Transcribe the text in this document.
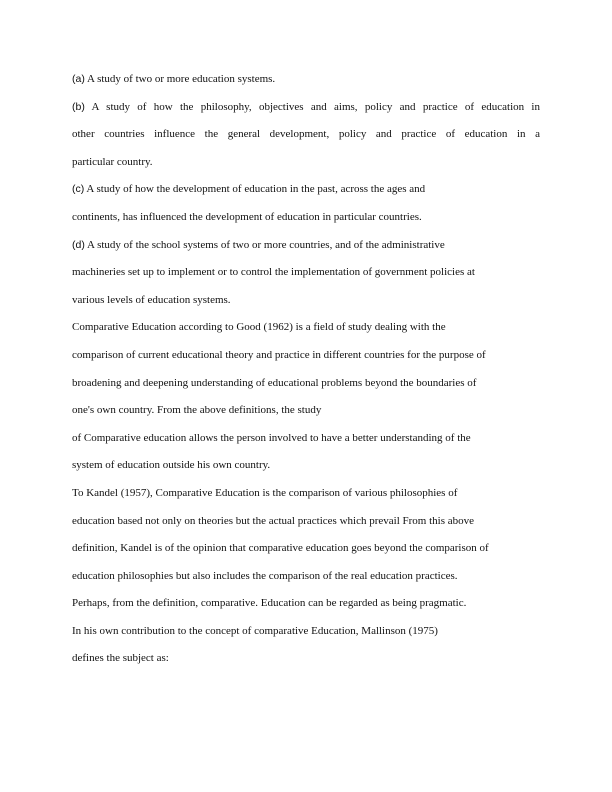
(a) A study of two or more education systems.
(b) A study of how the philosophy, objectives and aims, policy and practice of education in
other countries influence the general development, policy and practice of education in a
particular country.
(c) A study of how the development of education in the past, across the ages and
continents, has influenced the development of education in particular countries.
(d) A study of the school systems of two or more countries, and of the administrative
machineries set up to implement or to control the implementation of government policies at
various levels of education systems.
Comparative Education according to Good (1962) is a field of study dealing with the
comparison of current educational theory and practice in different countries for the purpose of
broadening and deepening understanding of educational problems beyond the boundaries of
one's own country. From the above definitions, the study
of Comparative education allows the person involved to have a better understanding of the
system of education outside his own country.
To Kandel (1957), Comparative Education is the comparison of various philosophies of
education based not only on theories but the actual practices which prevail From this above
definition, Kandel is of the opinion that comparative education goes beyond the comparison of
education philosophies but also includes the comparison of the real education practices.
Perhaps, from the definition, comparative. Education can be regarded as being pragmatic.
In his own contribution to the concept of comparative Education, Mallinson (1975)
defines the subject as:
